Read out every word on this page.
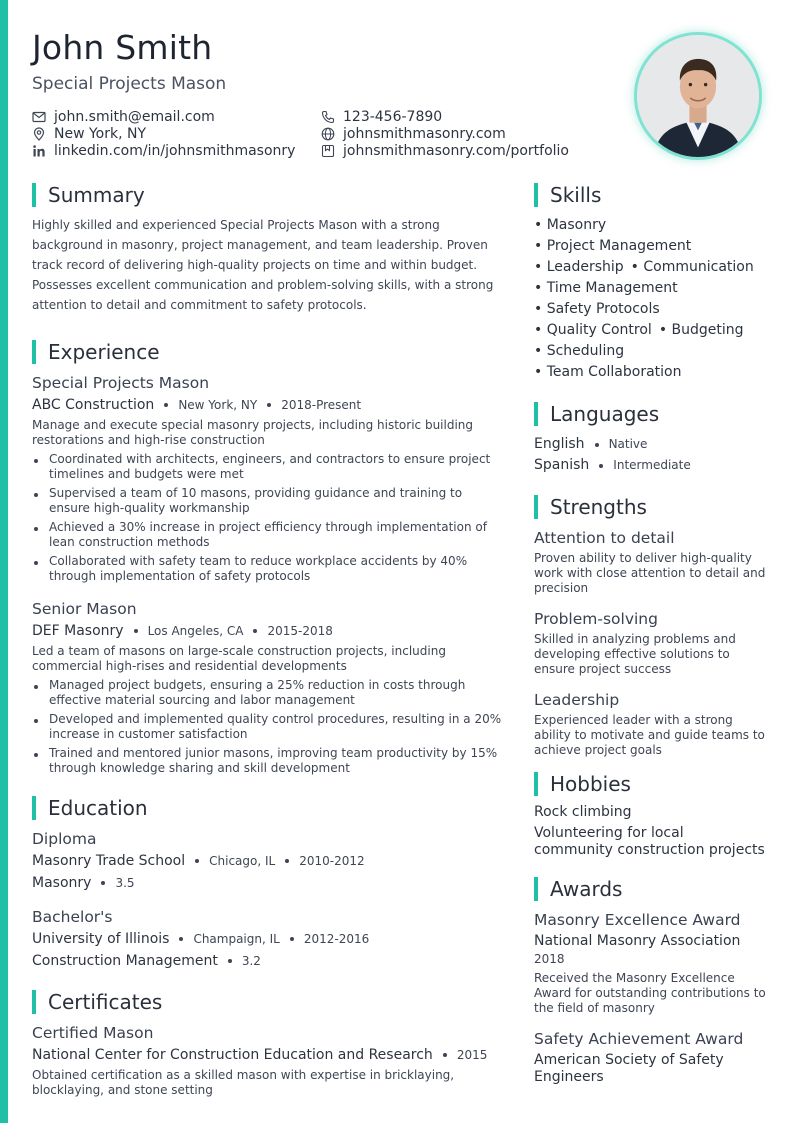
John Smith
Special Projects Mason
john.smith@email.com	123-456-7890
New York, NY	johnsmithmasonry.com
linkedin.com/in/johnsmithmasonry	johnsmithmasonry.com/portfolio
Summary
Highly skilled and experienced Special Projects Mason with a strong background in masonry, project management, and team leadership. Proven track record of delivering high-quality projects on time and within budget. Possesses excellent communication and problem-solving skills, with a strong attention to detail and commitment to safety protocols.
Experience
Special Projects Mason
ABC Construction New York, NY 2018-Present
Manage and execute special masonry projects, including historic building restorations and high-rise construction
Coordinated with architects, engineers, and contractors to ensure project timelines and budgets were met
Supervised a team of 10 masons, providing guidance and training to ensure high-quality workmanship
Achieved a 30% increase in project efficiency through implementation of lean construction methods
Collaborated with safety team to reduce workplace accidents by 40% through implementation of safety protocols
Senior Mason
DEF Masonry Los Angeles, CA 2015-2018
Led a team of masons on large-scale construction projects, including commercial high-rises and residential developments
Managed project budgets, ensuring a 25% reduction in costs through effective material sourcing and labor management
Developed and implemented quality control procedures, resulting in a 20% increase in customer satisfaction
Trained and mentored junior masons, improving team productivity by 15% through knowledge sharing and skill development
Education
Diploma
Masonry Trade School Chicago, IL 2010-2012
Masonry 3.5
Bachelor's
University of Illinois Champaign, IL 2012-2016
Construction Management 3.2
Certificates
Certified Mason
National Center for Construction Education and Research 2015
Obtained certification as a skilled mason with expertise in bricklaying, blocklaying, and stone setting
Skills
• Masonry
• Project Management
• Leadership	• Communication
• Time Management
• Safety Protocols
• Quality Control	• Budgeting
• Scheduling
• Team Collaboration
Languages
English Native
Spanish Intermediate
Strengths
Attention to detail
Proven ability to deliver high-quality work with close attention to detail and precision
Problem-solving
Skilled in analyzing problems and developing effective solutions to ensure project success
Leadership
Experienced leader with a strong ability to motivate and guide teams to achieve project goals
Hobbies
Rock climbing
Volunteering for local community construction projects
Awards
Masonry Excellence Award
National Masonry Association
2018
Received the Masonry Excellence Award for outstanding contributions to the field of masonry
Safety Achievement Award
American Society of Safety Engineers
